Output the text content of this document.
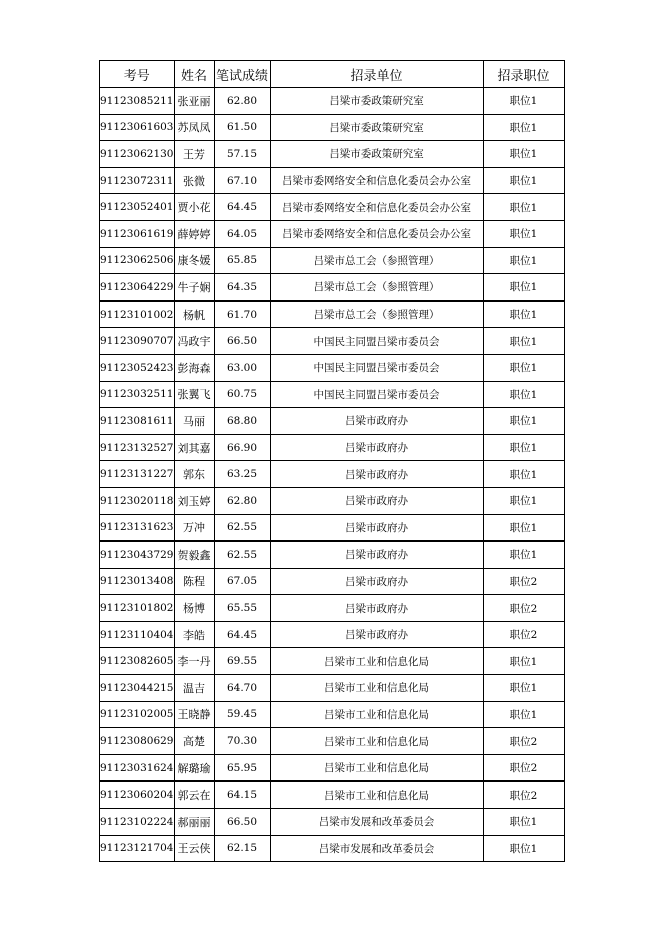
考号	姓名	笔试成绩	招录单位	招录职位
91123085211	张亚丽	62.80	吕梁市委政策研究室	职位1
91123061603	苏凤凤	61.50	吕梁市委政策研究室	职位1
91123062130	王芳	57.15	吕梁市委政策研究室	职位1
91123072311	张微	67.10	吕梁市委网络安全和信息化委员会办公室	职位1
91123052401	贾小花	64.45	吕梁市委网络安全和信息化委员会办公室	职位1
91123061619	薛婷婷	64.05	吕梁市委网络安全和信息化委员会办公室	职位1
91123062506	康冬媛	65.85	吕梁市总工会（参照管理）	职位1
91123064229	牛子娴	64.35	吕梁市总工会（参照管理）	职位1
91123101002	杨帆	61.70	吕梁市总工会（参照管理）	职位1
91123090707	冯政宇	66.50	中国民主同盟吕梁市委员会	职位1
91123052423	彭海森	63.00	中国民主同盟吕梁市委员会	职位1
91123032511	张翼飞	60.75	中国民主同盟吕梁市委员会	职位1
91123081611	马丽	68.80	吕梁市政府办	职位1
91123132527	刘其嘉	66.90	吕梁市政府办	职位1
91123131227	郭东	63.25	吕梁市政府办	职位1
91123020118	刘玉婷	62.80	吕梁市政府办	职位1
91123131623	万冲	62.55	吕梁市政府办	职位1
91123043729	贺毅鑫	62.55	吕梁市政府办	职位1
91123013408	陈程	67.05	吕梁市政府办	职位2
91123101802	杨博	65.55	吕梁市政府办	职位2
91123110404	李皓	64.45	吕梁市政府办	职位2
91123082605	李一丹	69.55	吕梁市工业和信息化局	职位1
91123044215	温吉	64.70	吕梁市工业和信息化局	职位1
91123102005	王晓静	59.45	吕梁市工业和信息化局	职位1
91123080629	高楚	70.30	吕梁市工业和信息化局	职位2
91123031624	解璐瑜	65.95	吕梁市工业和信息化局	职位2
91123060204	郭云在	64.15	吕梁市工业和信息化局	职位2
91123102224	郝丽丽	66.50	吕梁市发展和改革委员会	职位1
91123121704	王云侠	62.15	吕梁市发展和改革委员会	职位1
